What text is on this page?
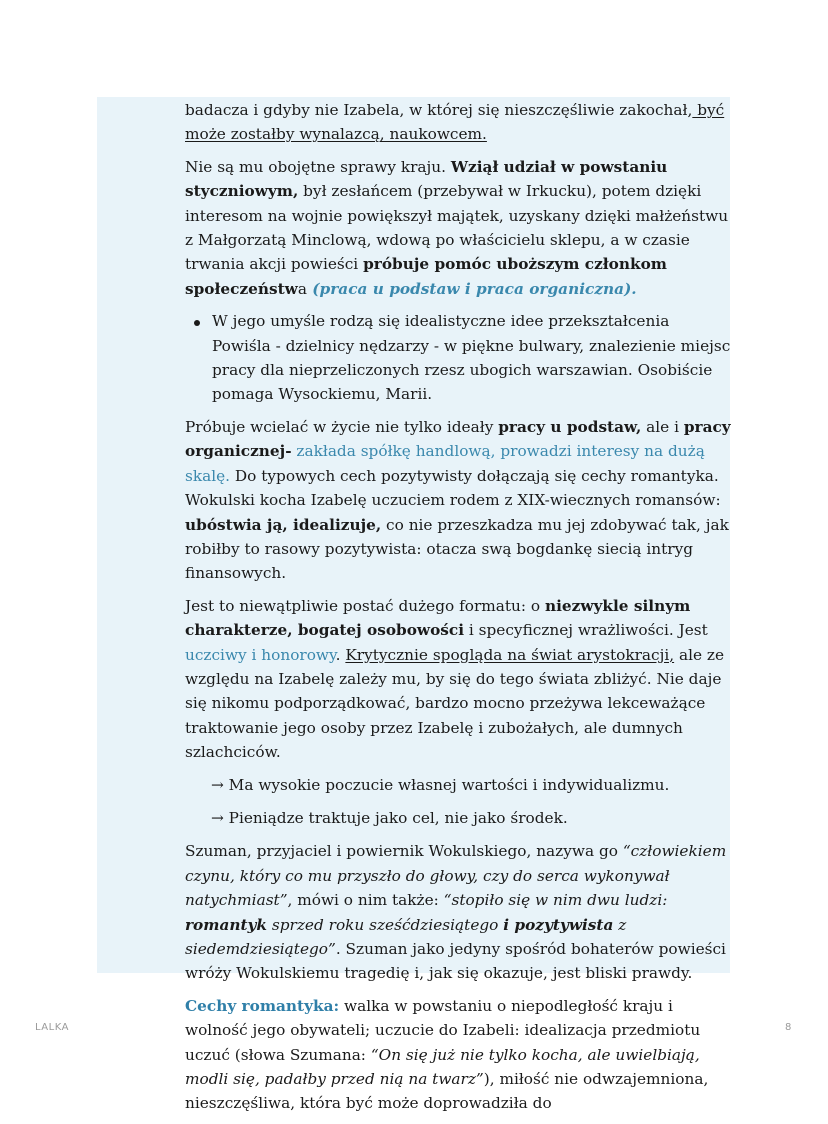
badacza i gdyby nie Izabela, w której się nieszczęśliwie zakochał, być może zostałby wynalazcą, naukowcem.

Nie są mu obojętne sprawy kraju. Wziął udział w powstaniu styczniowym, był zesłańcem (przebywał w Irkucku), potem dzięki interesom na wojnie powiększył majątek, uzyskany dzięki małżeństwu z Małgorzatą Minclową, wdową po właścicielu sklepu, a w czasie trwania akcji powieści próbuje pomóc uboższym członkom społeczeństwa (praca u podstaw i praca organiczna).

W jego umyśle rodzą się idealistyczne idee przekształcenia Powiśla - dzielnicy nędzarzy - w piękne bulwary, znalezienie miejsc pracy dla nieprzeliczonych rzesz ubogich warszawian. Osobiście pomaga Wysockiemu, Marii.

Próbuje wcielać w życie nie tylko ideały pracy u podstaw, ale i pracy organicznej- zakłada spółkę handlową, prowadzi interesy na dużą skalę. Do typowych cech pozytywisty dołączają się cechy romantyka. Wokulski kocha Izabelę uczuciem rodem z XIX-wiecznych romansów: ubóstwia ją, idealizuje, co nie przeszkadza mu jej zdobywać tak, jak robiłby to rasowy pozytywista: otacza swą bogdankę siecią intryg finansowych.

Jest to niewątpliwie postać dużego formatu: o niezwykle silnym charakterze, bogatej osobowości i specyficznej wrażliwości. Jest uczciwy i honorowy. Krytycznie spogląda na świat arystokracji, ale ze względu na Izabelę zależy mu, by się do tego świata zbliżyć. Nie daje się nikomu podporządkować, bardzo mocno przeżywa lekceważące traktowanie jego osoby przez Izabelę i zubożałych, ale dumnych szlachciców.

→ Ma wysokie poczucie własnej wartości i indywidualizmu.
→ Pieniądze traktuje jako cel, nie jako środek.

Szuman, przyjaciel i powiernik Wokulskiego, nazywa go “człowiekiem czynu, który co mu przyszło do głowy, czy do serca wykonywał natychmiast”, mówi o nim także: “stopiło się w nim dwu ludzi: romantyk sprzed roku sześćdziesiątego i pozytywista z siedemdziesiątego”. Szuman jako jedyny spośród bohaterów powieści wróży Wokulskiemu tragedię i, jak się okazuje, jest bliski prawdy.

Cechy romantyka: walka w powstaniu o niepodległość kraju i wolność jego obywateli; uczucie do Izabeli: idealizacja przedmiotu uczuć (słowa Szumana: “On się już nie tylko kocha, ale uwielbiają, modli się, padałby przed nią na twarz”), miłość nie odwzajemniona, nieszczęśliwa, która być może doprowadziła do

LALKA	8
